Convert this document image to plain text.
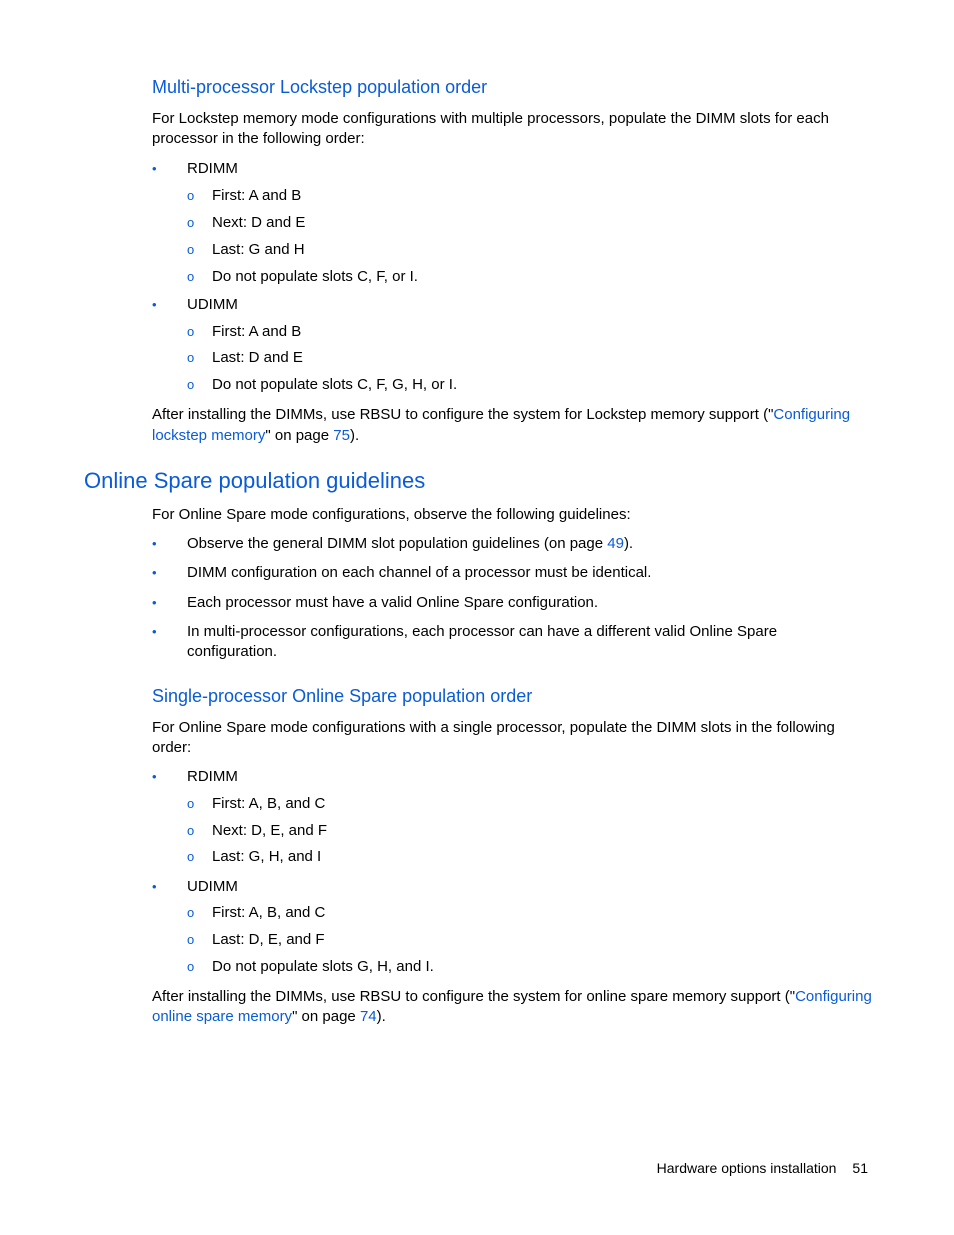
Multi-processor Lockstep population order
For Lockstep memory mode configurations with multiple processors, populate the DIMM slots for each
processor in the following order:
• RDIMM
o First: A and B
o Next: D and E
o Last: G and H
o Do not populate slots C, F, or I.
• UDIMM
o First: A and B
o Last: D and E
o Do not populate slots C, F, G, H, or I.
After installing the DIMMs, use RBSU to configure the system for Lockstep memory support ("Configuring
lockstep memory" on page 75).
Online Spare population guidelines
For Online Spare mode configurations, observe the following guidelines:
• Observe the general DIMM slot population guidelines (on page 49).
• DIMM configuration on each channel of a processor must be identical.
• Each processor must have a valid Online Spare configuration.
• In multi-processor configurations, each processor can have a different valid Online Spare
configuration.
Single-processor Online Spare population order
For Online Spare mode configurations with a single processor, populate the DIMM slots in the following
order:
• RDIMM
o First: A, B, and C
o Next: D, E, and F
o Last: G, H, and I
• UDIMM
o First: A, B, and C
o Last: D, E, and F
o Do not populate slots G, H, and I.
After installing the DIMMs, use RBSU to configure the system for online spare memory support ("Configuring
online spare memory" on page 74).
Hardware options installation 51
